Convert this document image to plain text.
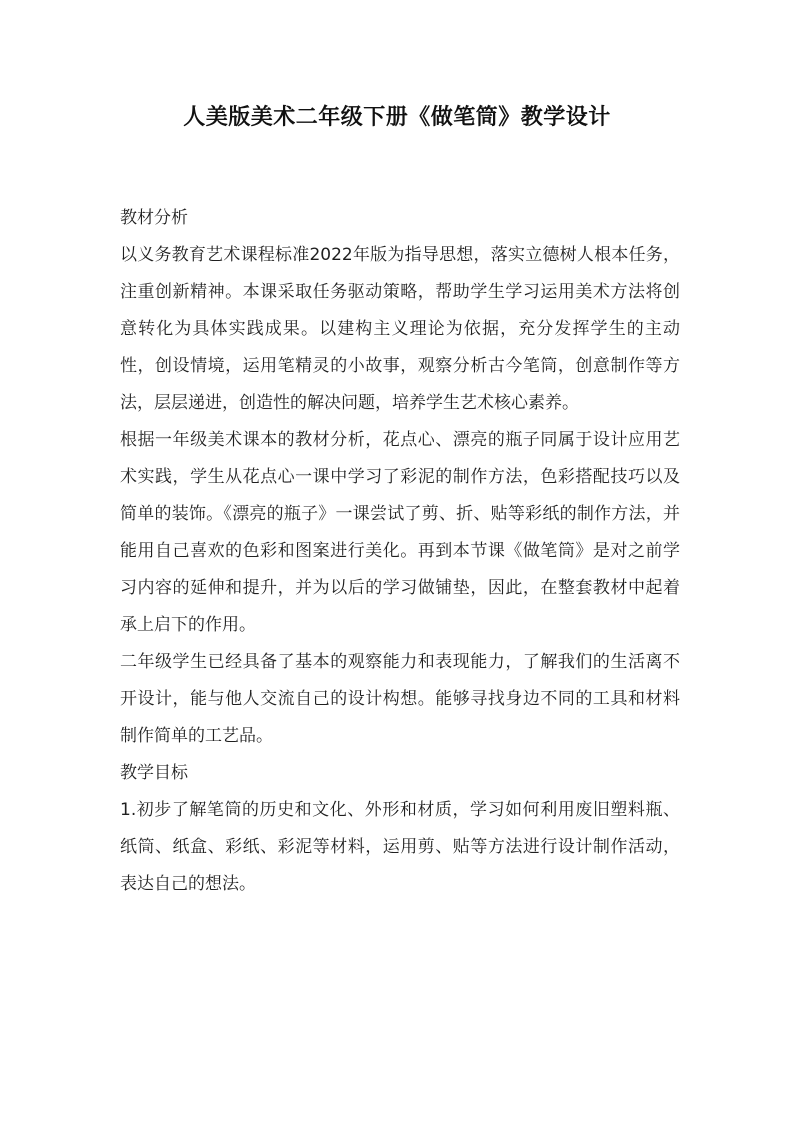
人美版美术二年级下册《做笔筒》教学设计

教材分析

以义务教育艺术课程标准2022年版为指导思想，落实立德树人根本任务，注重创新精神。本课采取任务驱动策略，帮助学生学习运用美术方法将创意转化为具体实践成果。以建构主义理论为依据，充分发挥学生的主动性，创设情境，运用笔精灵的小故事，观察分析古今笔筒，创意制作等方法，层层递进，创造性的解决问题，培养学生艺术核心素养。

根据一年级美术课本的教材分析，花点心、漂亮的瓶子同属于设计应用艺术实践，学生从花点心一课中学习了彩泥的制作方法，色彩搭配技巧以及简单的装饰。《漂亮的瓶子》一课尝试了剪、折、贴等彩纸的制作方法，并能用自己喜欢的色彩和图案进行美化。再到本节课《做笔筒》是对之前学习内容的延伸和提升，并为以后的学习做铺垫，因此，在整套教材中起着承上启下的作用。

二年级学生已经具备了基本的观察能力和表现能力，了解我们的生活离不开设计，能与他人交流自己的设计构想。能够寻找身边不同的工具和材料制作简单的工艺品。

教学目标

1.初步了解笔筒的历史和文化、外形和材质，学习如何利用废旧塑料瓶、纸筒、纸盒、彩纸、彩泥等材料，运用剪、贴等方法进行设计制作活动，表达自己的想法。
